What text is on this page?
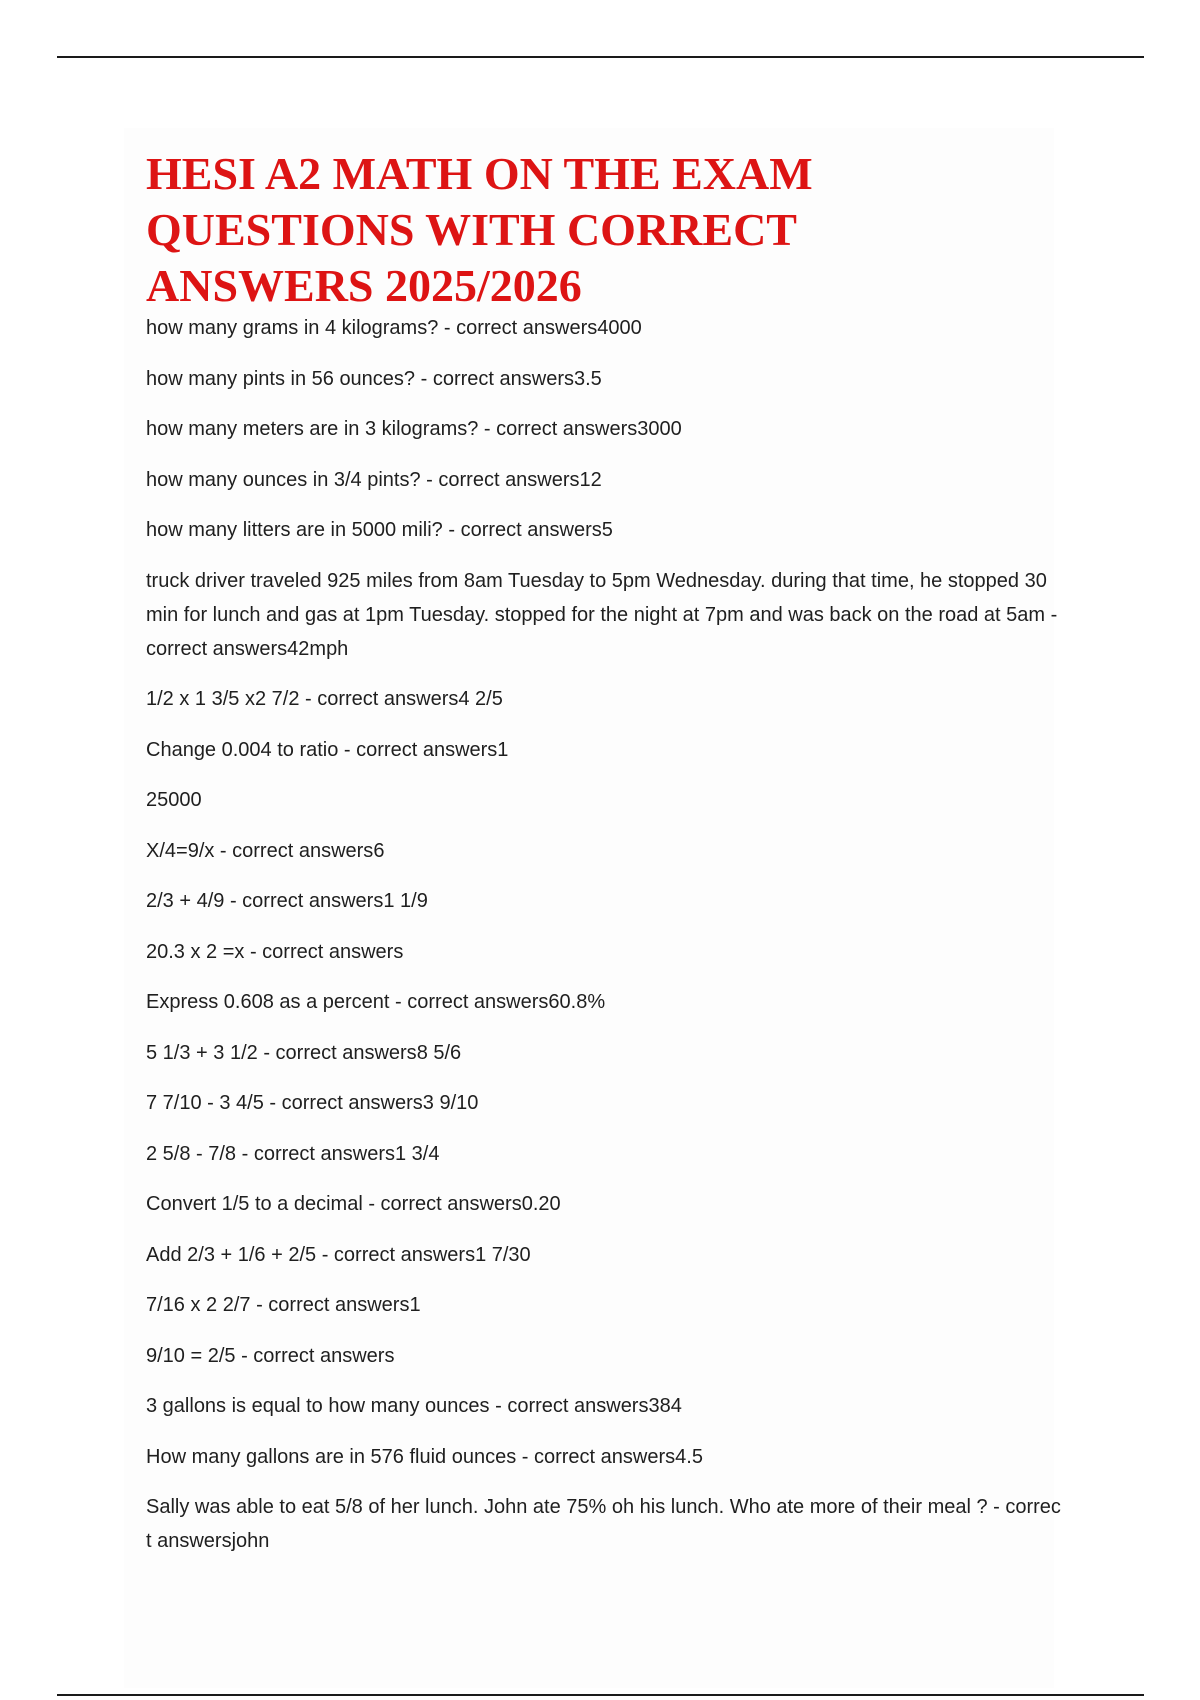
HESI A2 MATH ON THE EXAM QUESTIONS WITH CORRECT ANSWERS 2025/2026
how many grams in 4 kilograms? - correct answers4000
how many pints in 56 ounces? - correct answers3.5
how many meters are in 3 kilograms? - correct answers3000
how many ounces in 3/4 pints? - correct answers12
how many litters are in 5000 mili? - correct answers5
truck driver traveled 925 miles from 8am Tuesday to 5pm Wednesday. during that time, he stopped 30 min for lunch and gas at 1pm Tuesday. stopped for the night at 7pm and was back on the road at 5am - correct answers42mph
1/2 x 1 3/5 x2 7/2 - correct answers4 2/5
Change 0.004 to ratio - correct answers1
25000
X/4=9/x - correct answers6
2/3 + 4/9 - correct answers1 1/9
20.3 x 2 =x - correct answers
Express 0.608 as a percent - correct answers60.8%
5 1/3 + 3 1/2 - correct answers8 5/6
7 7/10 - 3 4/5 - correct answers3 9/10
2 5/8 - 7/8 - correct answers1 3/4
Convert 1/5 to a decimal - correct answers0.20
Add 2/3 + 1/6 + 2/5 - correct answers1 7/30
7/16 x 2 2/7 - correct answers1
9/10 = 2/5 - correct answers
3 gallons is equal to how many ounces - correct answers384
How many gallons are in 576 fluid ounces - correct answers4.5
Sally was able to eat 5/8 of her lunch. John ate 75% oh his lunch. Who ate more of their meal ? - correct answersjohn
